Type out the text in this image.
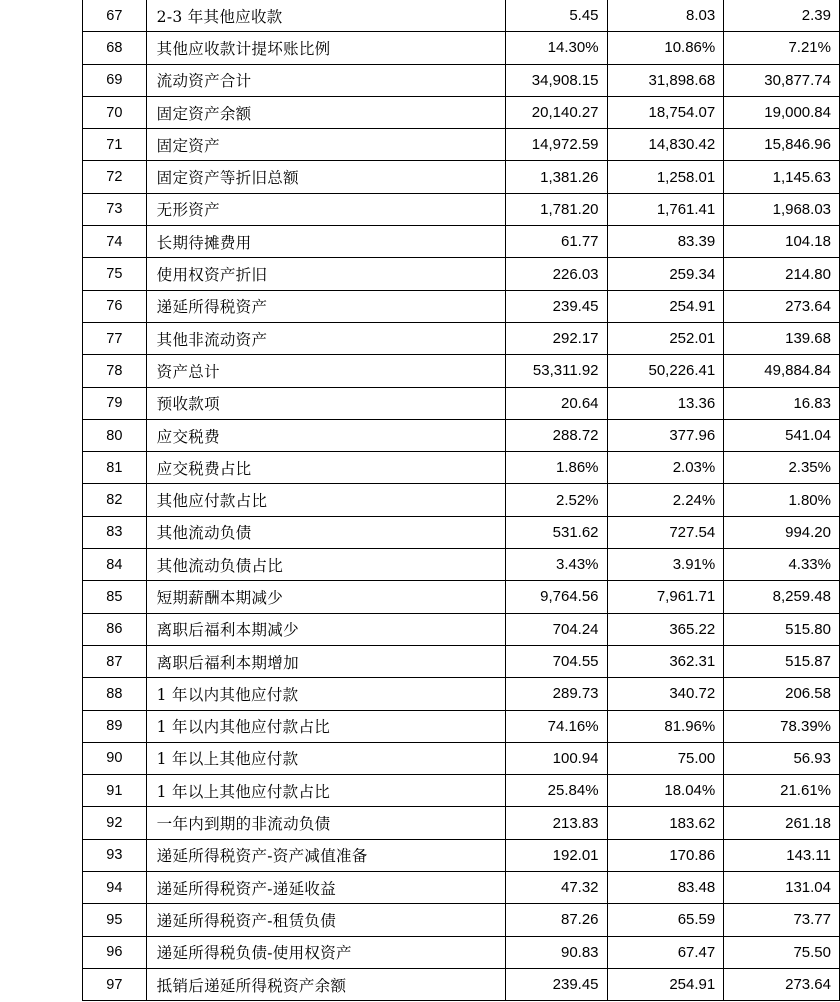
67	2-3 年其他应收款	5.45	8.03	2.39
68	其他应收款计提坏账比例	14.30%	10.86%	7.21%
69	流动资产合计	34,908.15	31,898.68	30,877.74
70	固定资产余额	20,140.27	18,754.07	19,000.84
71	固定资产	14,972.59	14,830.42	15,846.96
72	固定资产等折旧总额	1,381.26	1,258.01	1,145.63
73	无形资产	1,781.20	1,761.41	1,968.03
74	长期待摊费用	61.77	83.39	104.18
75	使用权资产折旧	226.03	259.34	214.80
76	递延所得税资产	239.45	254.91	273.64
77	其他非流动资产	292.17	252.01	139.68
78	资产总计	53,311.92	50,226.41	49,884.84
79	预收款项	20.64	13.36	16.83
80	应交税费	288.72	377.96	541.04
81	应交税费占比	1.86%	2.03%	2.35%
82	其他应付款占比	2.52%	2.24%	1.80%
83	其他流动负债	531.62	727.54	994.20
84	其他流动负债占比	3.43%	3.91%	4.33%
85	短期薪酬本期减少	9,764.56	7,961.71	8,259.48
86	离职后福利本期减少	704.24	365.22	515.80
87	离职后福利本期增加	704.55	362.31	515.87
88	1 年以内其他应付款	289.73	340.72	206.58
89	1 年以内其他应付款占比	74.16%	81.96%	78.39%
90	1 年以上其他应付款	100.94	75.00	56.93
91	1 年以上其他应付款占比	25.84%	18.04%	21.61%
92	一年内到期的非流动负债	213.83	183.62	261.18
93	递延所得税资产-资产减值准备	192.01	170.86	143.11
94	递延所得税资产-递延收益	47.32	83.48	131.04
95	递延所得税资产-租赁负债	87.26	65.59	73.77
96	递延所得税负债-使用权资产	90.83	67.47	75.50
97	抵销后递延所得税资产余额	239.45	254.91	273.64
